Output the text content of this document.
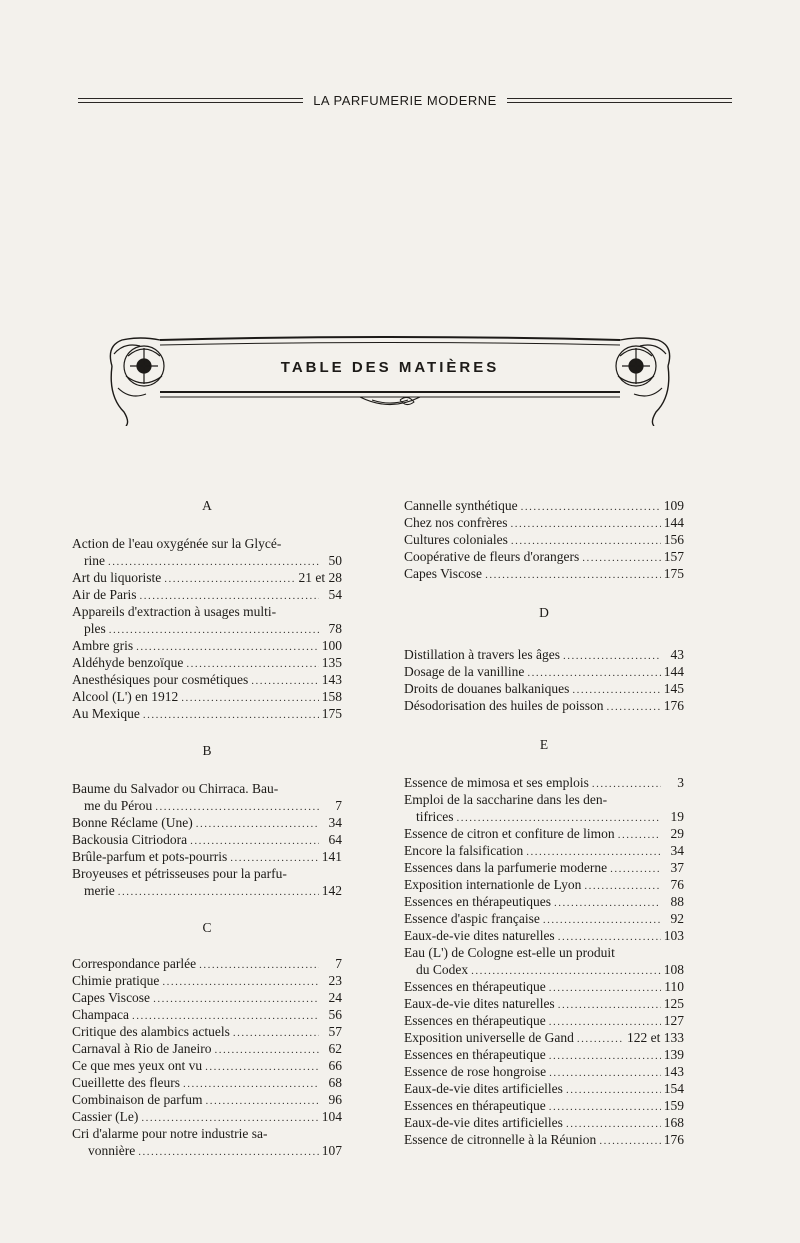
LA PARFUMERIE MODERNE
TABLE DES MATIÈRES
A
Action de l'eau oxygénée sur la Glycé-
rine .....	50
Art du liquoriste .....	21 et 28
Air de Paris .....	54
Appareils d'extraction à usages multi-
ples .....	78
Ambre gris .....	100
Aldéhyde benzoïque .....	135
Anesthésiques pour cosmétiques .....	143
Alcool (L') en 1912 .....	158
Au Mexique .....	175
B
Baume du Salvador ou Chirraca. Bau-
me du Pérou .....	7
Bonne Réclame (Une) .....	34
Backousia Citriodora .....	64
Brûle-parfum et pots-pourris .....	141
Broyeuses et pétrisseuses pour la parfu-
merie .....	142
C
Correspondance parlée .....	7
Chimie pratique .....	23
Capes Viscose .....	24
Champaca .....	56
Critique des alambics actuels .....	57
Carnaval à Rio de Janeiro .....	62
Ce que mes yeux ont vu .....	66
Cueillette des fleurs .....	68
Combinaison de parfum .....	96
Cassier (Le) .....	104
Cri d'alarme pour notre industrie sa-
vonnière .....	107
Cannelle synthétique .....	109
Chez nos confrères .....	144
Cultures coloniales .....	156
Coopérative de fleurs d'orangers .....	157
Capes Viscose .....	175
D
Distillation à travers les âges .....	43
Dosage de la vanilline .....	144
Droits de douanes balkaniques .....	145
Désodorisation des huiles de poisson .....	176
E
Essence de mimosa et ses emplois .....	3
Emploi de la saccharine dans les den-
tifrices .....	19
Essence de citron et confiture de limon .....	29
Encore la falsification .....	34
Essences dans la parfumerie moderne .....	37
Exposition internationle de Lyon .....	76
Essences en thérapeutiques .....	88
Essence d'aspic française .....	92
Eaux-de-vie dites naturelles .....	103
Eau (L') de Cologne est-elle un produit
du Codex .....	108
Essences en thérapeutique .....	110
Eaux-de-vie dites naturelles .....	125
Essences en thérapeutique .....	127
Exposition universelle de Gand .....	122 et 133
Essences en thérapeutique .....	139
Essence de rose hongroise .....	143
Eaux-de-vie dites artificielles .....	154
Essences en thérapeutique .....	159
Eaux-de-vie dites artificielles .....	168
Essence de citronnelle à la Réunion .....	176
